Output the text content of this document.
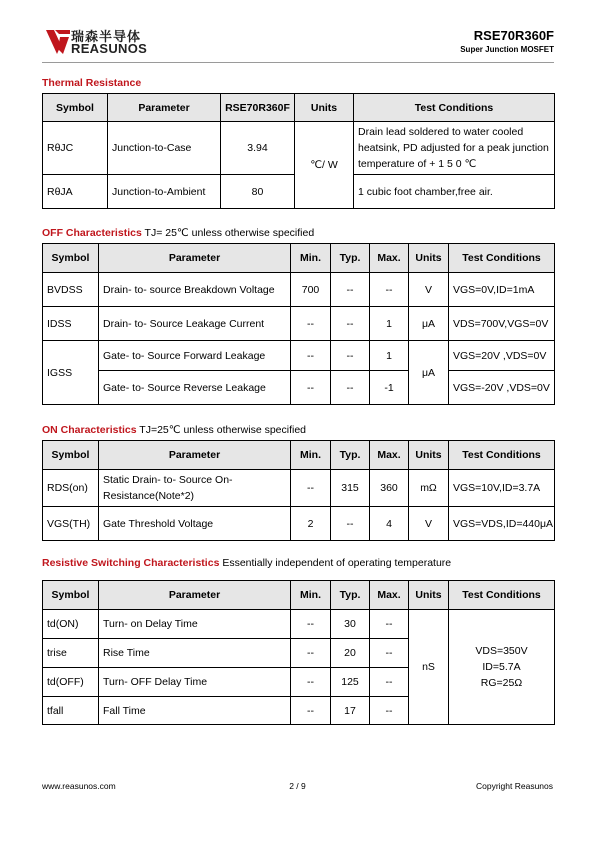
瑞森半导体
REASUNOS
RSE70R360F
Super Junction MOSFET
Thermal Resistance
Symbol	Parameter	RSE70R360F	Units	Test Conditions
RθJC	Junction-to-Case	3.94	℃/ W	Drain lead soldered to water cooled heatsink, PD adjusted for a peak junction temperature of + 1 5 0 ℃
RθJA	Junction-to-Ambient	80		1 cubic foot chamber,free air.
OFF Characteristics TJ= 25℃ unless otherwise specified
Symbol	Parameter	Min.	Typ.	Max.	Units	Test Conditions
BVDSS	Drain- to- source Breakdown Voltage	700	--	--	V	VGS=0V,ID=1mA
IDSS	Drain- to- Source Leakage Current	--	--	1	μA	VDS=700V,VGS=0V
IGSS	Gate- to- Source Forward Leakage	--	--	1	μA	VGS=20V ,VDS=0V
	Gate- to- Source Reverse Leakage	--	--	-1		VGS=-20V ,VDS=0V
ON Characteristics TJ=25℃ unless otherwise specified
Symbol	Parameter	Min.	Typ.	Max.	Units	Test Conditions
RDS(on)	Static Drain- to- Source On-Resistance(Note*2)	--	315	360	mΩ	VGS=10V,ID=3.7A
VGS(TH)	Gate Threshold Voltage	2	--	4	V	VGS=VDS,ID=440μA
Resistive Switching Characteristics Essentially independent of operating temperature
Symbol	Parameter	Min.	Typ.	Max.	Units	Test Conditions
td(ON)	Turn- on Delay Time	--	30	--	nS	VDS=350V
ID=5.7A
RG=25Ω

trise	Rise Time	--	20	--		
td(OFF)	Turn- OFF Delay Time	--	125	--		
tfall	Fall Time	--	17	--		
www.reasunos.com	2 / 9	Copyright Reasunos
